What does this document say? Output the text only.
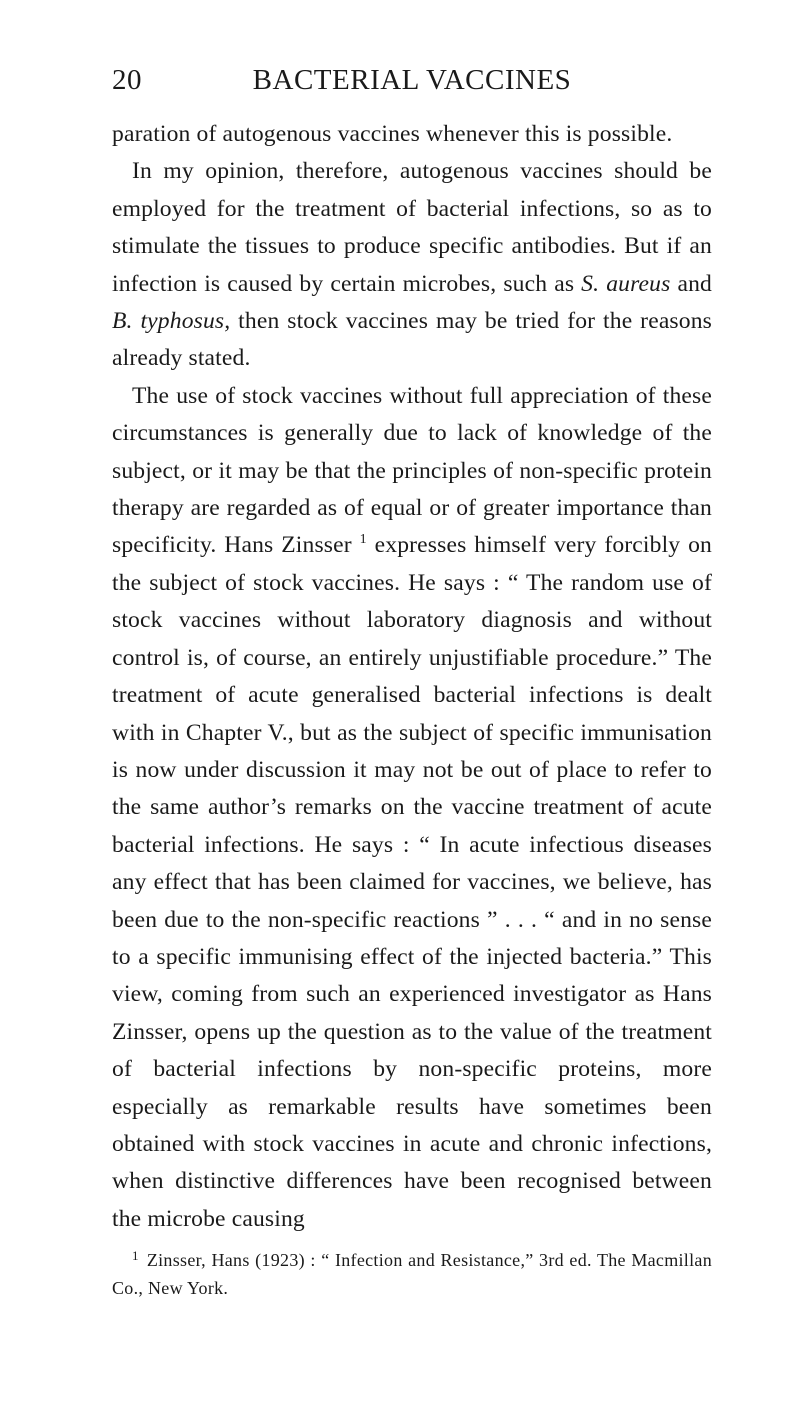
20	BACTERIAL VACCINES

paration of autogenous vaccines whenever this is possible.

In my opinion, therefore, autogenous vaccines should be employed for the treatment of bacterial infections, so as to stimulate the tissues to produce specific antibodies. But if an infection is caused by certain microbes, such as S. aureus and B. typhosus, then stock vaccines may be tried for the reasons already stated.

The use of stock vaccines without full appreciation of these circumstances is generally due to lack of knowledge of the subject, or it may be that the principles of non-specific protein therapy are regarded as of equal or of greater importance than specificity. Hans Zinsser $^1$ expresses himself very forcibly on the subject of stock vaccines. He says : “ The random use of stock vaccines without laboratory diagnosis and without control is, of course, an entirely unjustifiable procedure.” The treatment of acute generalised bacterial infections is dealt with in Chapter V., but as the subject of specific immunisation is now under discussion it may not be out of place to refer to the same author’s remarks on the vaccine treatment of acute bacterial infections. He says : “ In acute infectious diseases any effect that has been claimed for vaccines, we believe, has been due to the non-specific reactions ” . . . “ and in no sense to a specific immunising effect of the injected bacteria.” This view, coming from such an experienced investigator as Hans Zinsser, opens up the question as to the value of the treatment of bacterial infections by non-specific proteins, more especially as remarkable results have sometimes been obtained with stock vaccines in acute and chronic infections, when distinctive differences have been recognised between the microbe causing

$^1$ Zinsser, Hans (1923) : “ Infection and Resistance,” 3rd ed. The Macmillan Co., New York.
